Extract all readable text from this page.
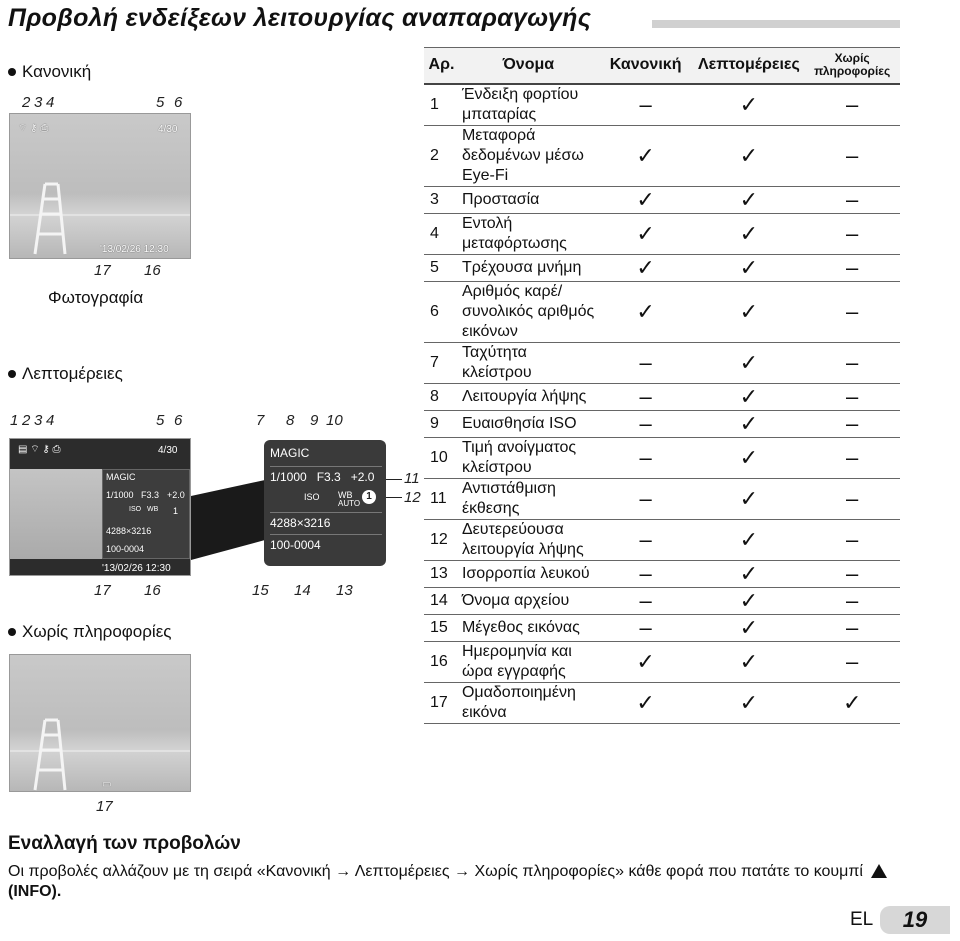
Προβολή ενδείξεων λειτουργίας αναπαραγωγής
Κανονική
2 3 4	5 6
⌔ ⚷ ⎙	4/30
'13/02/26 12:30
17 16
Φωτογραφία
Λεπτομέρειες
1 2 3 4	5 6
▤ ⌔ ⚷ ⎙	4/30
MAGIC
1/1000 F3.3 +2.0
ISO WB 1
4288×3216
100-0004
'13/02/26 12:30
17 16
7 8 9 10
MAGIC
1/1000 F3.3 +2.0
ISO WB
AUTO
1
4288×3216
100-0004
11
12
15 14 13
Χωρίς πληροφορίες
▭
17
Αρ.	Όνομα	Κανονική	Λεπτομέρειες	Χωρίς πληροφορίες
1	Ένδειξη φορτίου μπαταρίας	–	✓	–
2	Μεταφορά δεδομένων μέσω Eye-Fi	✓	✓	–
3	Προστασία	✓	✓	–
4	Εντολή μεταφόρτωσης	✓	✓	–
5	Τρέχουσα μνήμη	✓	✓	–
6	Αριθμός καρέ/ συνολικός αριθμός εικόνων	✓	✓	–
7	Ταχύτητα κλείστρου	–	✓	–
8	Λειτουργία λήψης	–	✓	–
9	Ευαισθησία ISO	–	✓	–
10	Τιμή ανοίγματος κλείστρου	–	✓	–
11	Αντιστάθμιση έκθεσης	–	✓	–
12	Δευτερεύουσα λειτουργία λήψης	–	✓	–
13	Ισορροπία λευκού	–	✓	–
14	Όνομα αρχείου	–	✓	–
15	Μέγεθος εικόνας	–	✓	–
16	Ημερομηνία και ώρα εγγραφής	✓	✓	–
17	Ομαδοποιημένη εικόνα	✓	✓	✓
Εναλλαγή των προβολών
Οι προβολές αλλάζουν με τη σειρά «Κανονική → Λεπτομέρειες → Χωρίς πληροφορίες» κάθε φορά που πατάτε το κουμπί  (INFO).
EL	19
